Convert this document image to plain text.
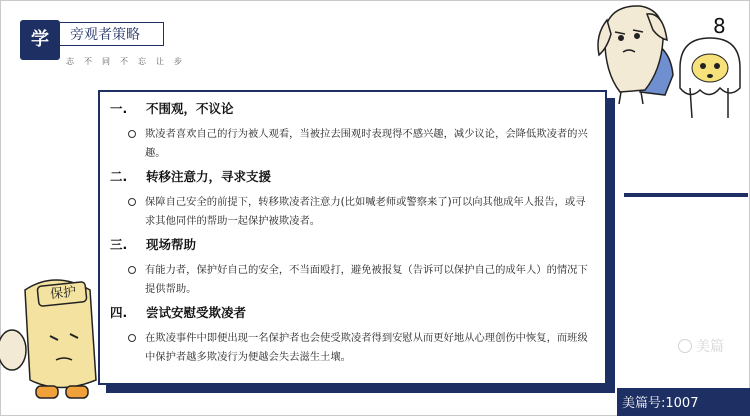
学	旁观者策略
志不同不忘让步
8
一.	不围观，不议论
欺凌者喜欢自己的行为被人观看，当被拉去围观时表现得不感兴趣，减少议论，会降低欺凌者的兴趣。
二.	转移注意力，寻求支援
保障自己安全的前提下，转移欺凌者注意力(比如喊老师或警察来了)可以向其他成年人报告，或寻求其他同伴的帮助一起保护被欺凌者。
三.	现场帮助
有能力者，保护好自己的安全，不当面殴打，避免被报复（告诉可以保护自己的成年人）的情况下提供帮助。
四.	尝试安慰受欺凌者
在欺凌事件中即便出现一名保护者也会使受欺凌者得到安慰从而更好地从心理创伤中恢复，而班级中保护者越多欺凌行为便越会失去滋生土壤。
保护
美篇
美篇号:1007
